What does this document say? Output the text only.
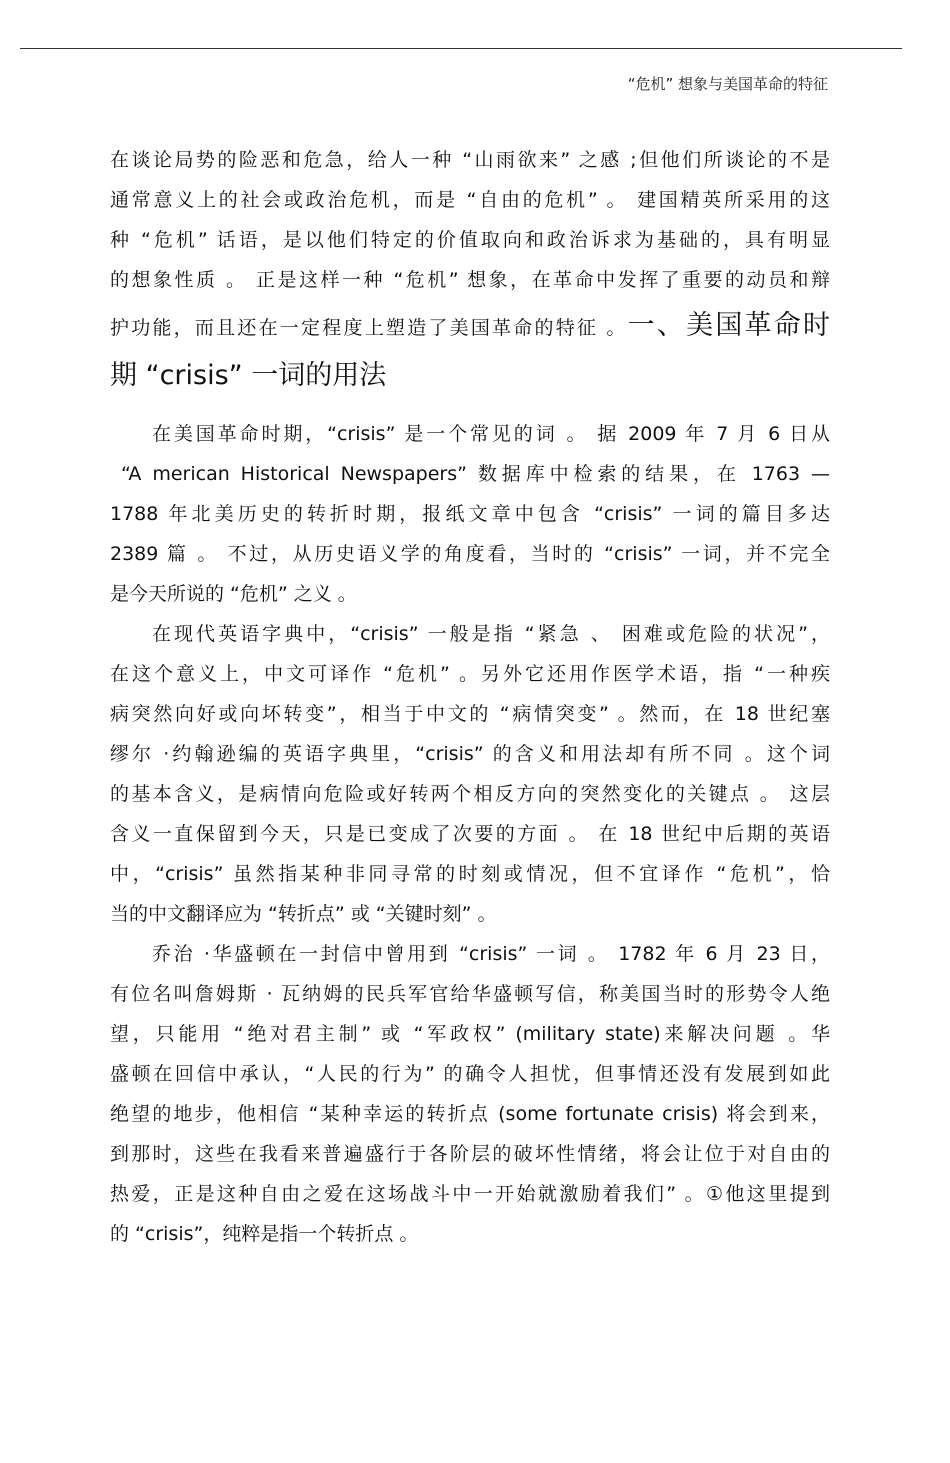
“危机” 想象与美国革命的特征
在谈论局势的险恶和危急，给人一种 “山雨欲来” 之感 ;但他们所谈论的不是
通常意义上的社会或政治危机，而是 “自由的危机” 。 建国精英所采用的这
种 “危机” 话语，是以他们特定的价值取向和政治诉求为基础的，具有明显
的想象性质 。 正是这样一种 “危机” 想象，在革命中发挥了重要的动员和辩
护功能，而且还在一定程度上塑造了美国革命的特征 。一、美国革命时
期 “crisis” 一词的用法
在美国革命时期，“crisis” 是一个常见的词 。 据 2009 年 7 月 6 日从
“A merican Historical Newspapers” 数据库中检索的结果，在 1763 —
1788 年北美历史的转折时期，报纸文章中包含 “crisis” 一词的篇目多达
2389 篇 。 不过，从历史语义学的角度看，当时的 “crisis” 一词，并不完全
是今天所说的 “危机” 之义 。
在现代英语字典中，“crisis” 一般是指 “紧急 、 困难或危险的状况”，
在这个意义上，中文可译作 “危机” 。另外它还用作医学术语，指 “一种疾
病突然向好或向坏转变”，相当于中文的 “病情突变” 。然而，在 18 世纪塞
缪尔 ·约翰逊编的英语字典里，“crisis” 的含义和用法却有所不同 。这个词
的基本含义，是病情向危险或好转两个相反方向的突然变化的关键点 。 这层
含义一直保留到今天，只是已变成了次要的方面 。 在 18 世纪中后期的英语
中，“crisis” 虽然指某种非同寻常的时刻或情况，但不宜译作 “危机”，恰
当的中文翻译应为 “转折点” 或 “关键时刻” 。
乔治 ·华盛顿在一封信中曾用到 “crisis” 一词 。 1782 年 6 月 23 日，
有位名叫詹姆斯 · 瓦纳姆的民兵军官给华盛顿写信，称美国当时的形势令人绝
望，只能用 “绝对君主制” 或 “军政权” (military state)来解决问题 。华
盛顿在回信中承认，“人民的行为” 的确令人担忧，但事情还没有发展到如此
绝望的地步，他相信 “某种幸运的转折点 (some fortunate crisis) 将会到来，
到那时，这些在我看来普遍盛行于各阶层的破坏性情绪，将会让位于对自由的
热爱，正是这种自由之爱在这场战斗中一开始就激励着我们” 。①他这里提到
的 “crisis”，纯粹是指一个转折点 。
